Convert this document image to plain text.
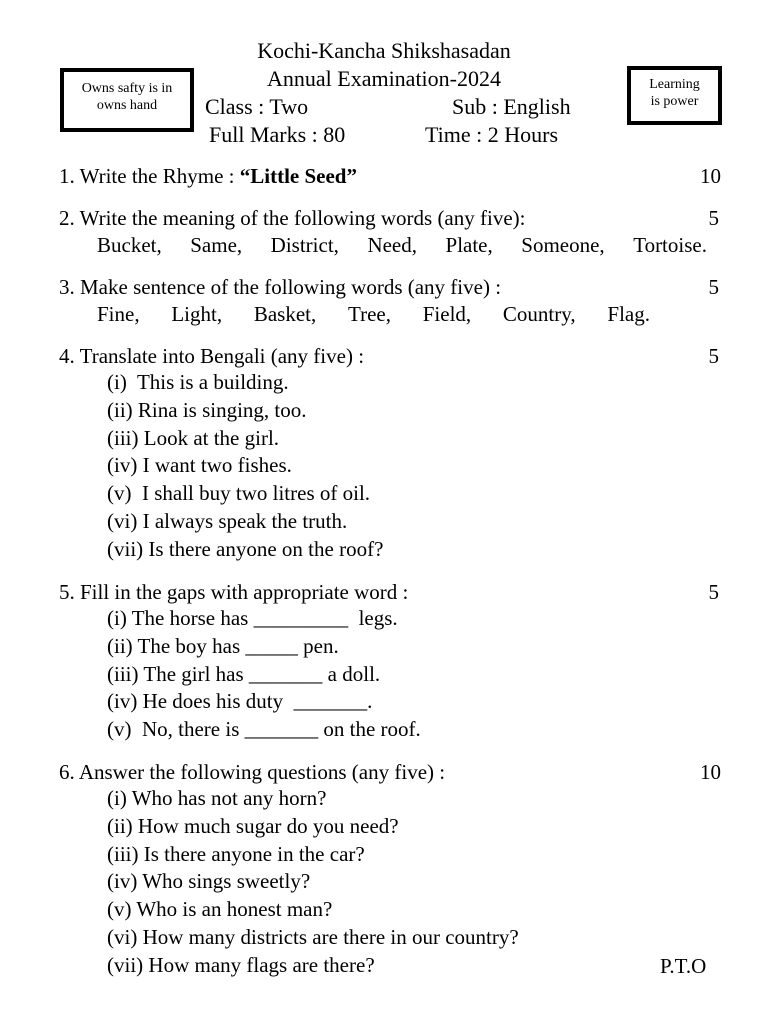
Owns safty is in
owns hand
Learning
is power
Kochi-Kancha Shikshasadan
Annual Examination-2024
Class : Two	Sub : English
Full Marks : 80	Time : 2 Hours
1. Write the Rhyme : “Little Seed”	10
2. Write the meaning of the following words (any five):	5
Bucket, Same, District, Need, Plate, Someone, Tortoise.
3. Make sentence of the following words (any five) :	5
Fine, Light, Basket, Tree, Field, Country, Flag.
4. Translate into Bengali (any five) :	5
(i)  This is a building.
(ii) Rina is singing, too.
(iii) Look at the girl.
(iv) I want two fishes.
(v)  I shall buy two litres of oil.
(vi) I always speak the truth.
(vii) Is there anyone on the roof?
5. Fill in the gaps with appropriate word :	5
(i) The horse has _________  legs.
(ii) The boy has _____ pen.
(iii) The girl has _______ a doll.
(iv) He does his duty  _______.
(v)  No, there is _______ on the roof.
6. Answer the following questions (any five) :	10
(i) Who has not any horn?
(ii) How much sugar do you need?
(iii) Is there anyone in the car?
(iv) Who sings sweetly?
(v) Who is an honest man?
(vi) How many districts are there in our country?
(vii) How many flags are there?	P.T.O
